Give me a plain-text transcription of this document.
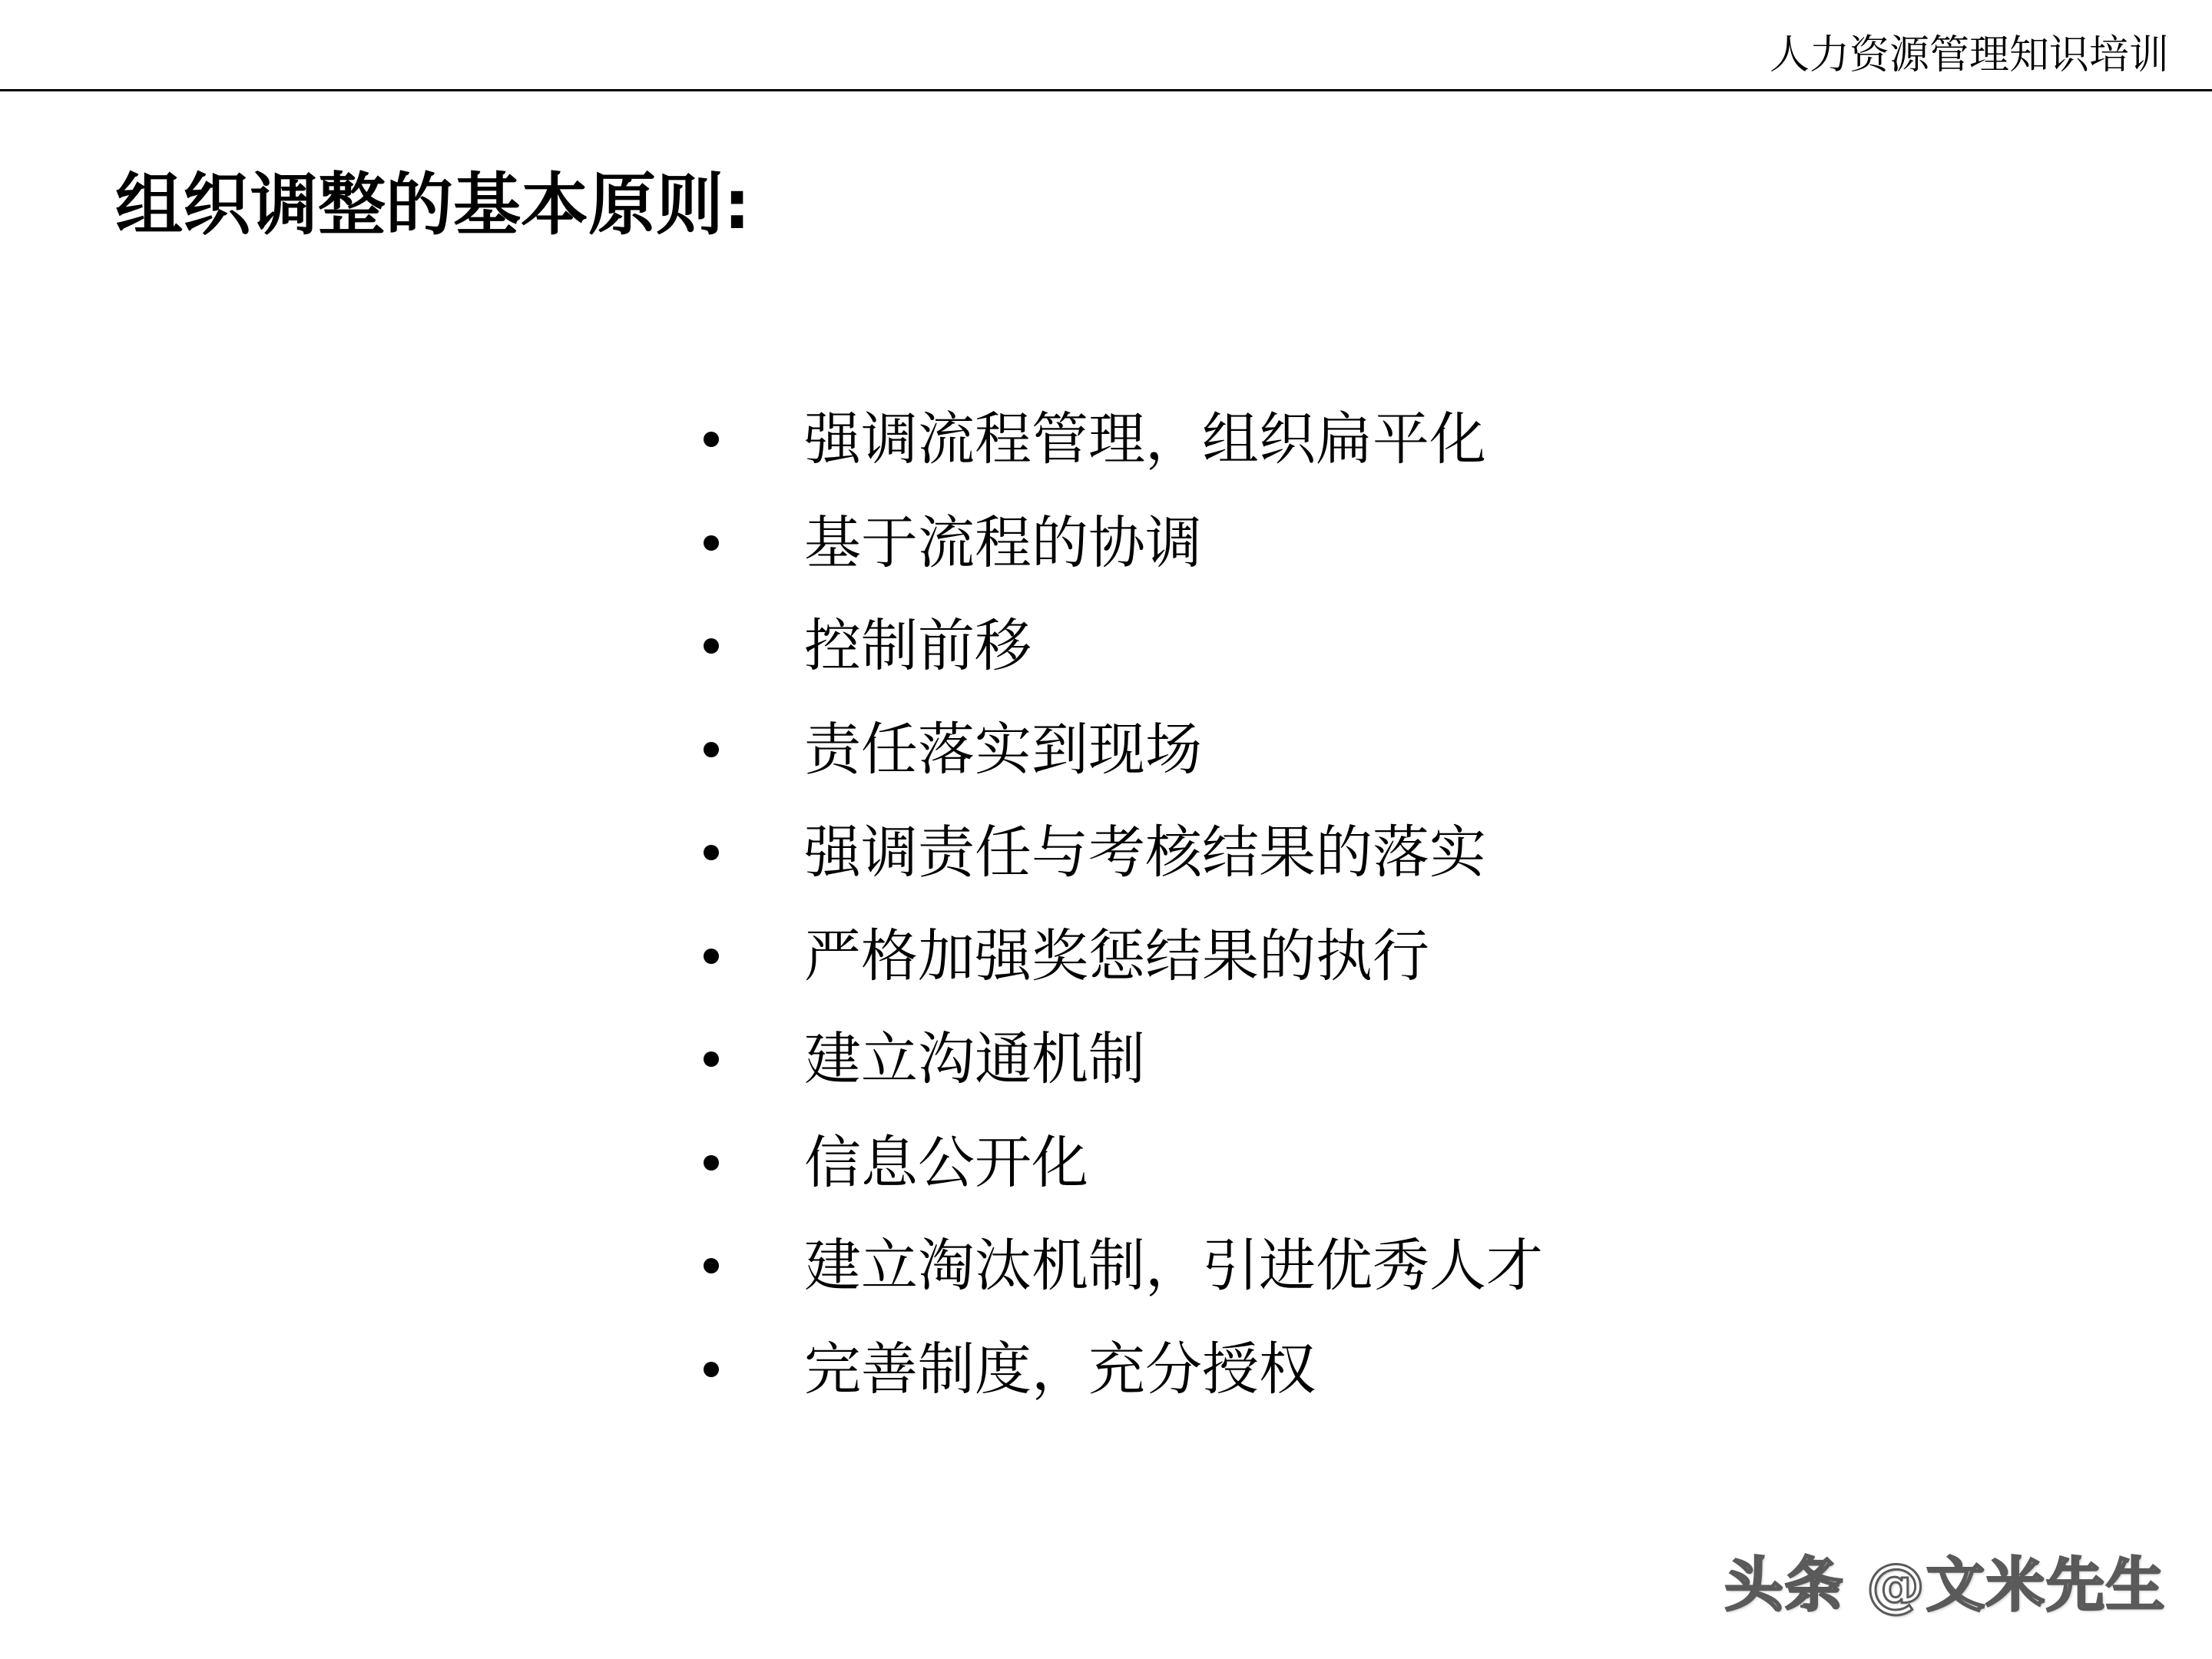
人力资源管理知识培训
组织调整的基本原则:
强调流程管理，组织扁平化
基于流程的协调
控制前移
责任落实到现场
强调责任与考核结果的落实
严格加强奖惩结果的执行
建立沟通机制
信息公开化
建立淘汰机制，引进优秀人才
完善制度，充分授权
头条 @文米先生
